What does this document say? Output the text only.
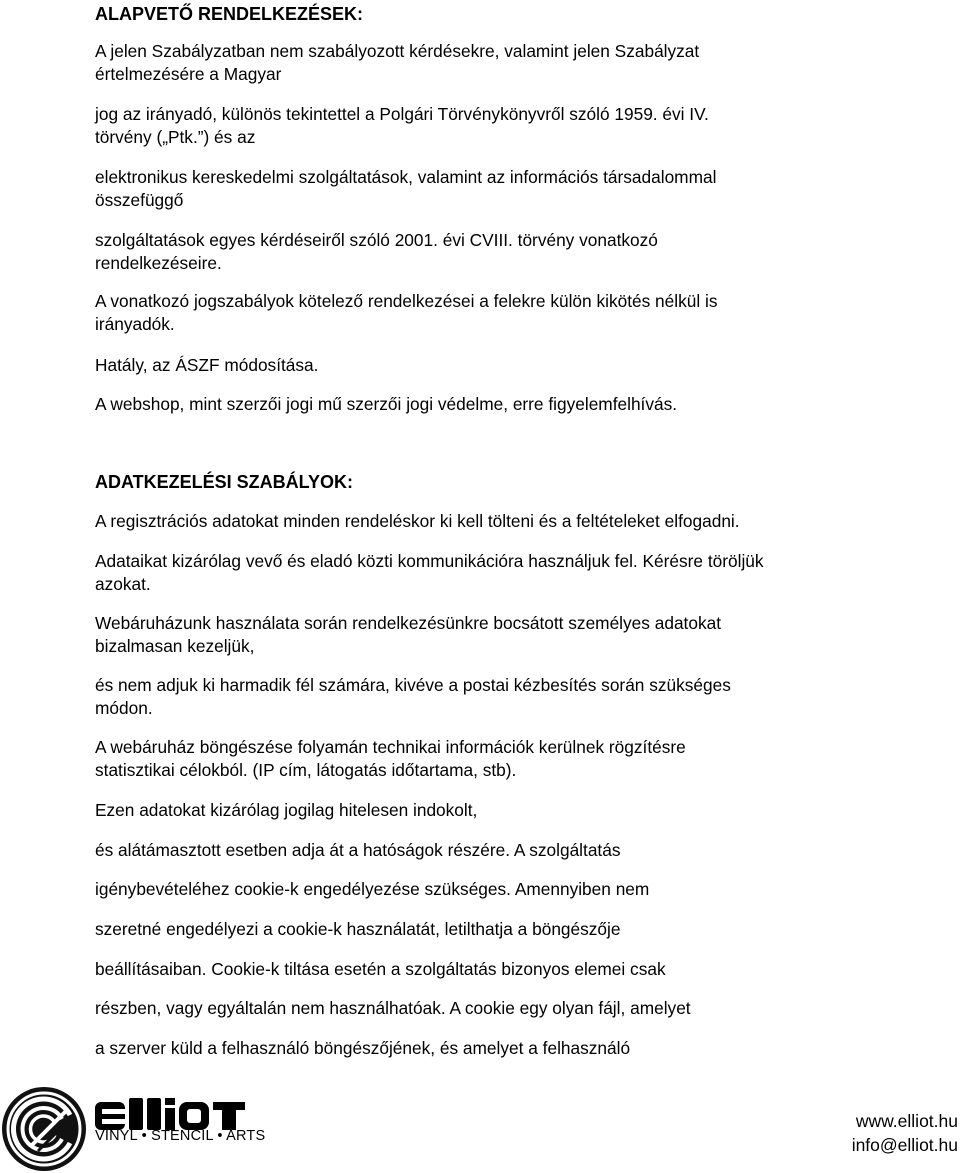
ALAPVETŐ RENDELKEZÉSEK:

A jelen Szabályzatban nem szabályozott kérdésekre, valamint jelen Szabályzat
értelmezésére a Magyar

jog az irányadó, különös tekintettel a Polgári Törvénykönyvről szóló 1959. évi IV.
törvény („Ptk.”) és az

elektronikus kereskedelmi szolgáltatások, valamint az információs társadalommal
összefüggő

szolgáltatások egyes kérdéseiről szóló 2001. évi CVIII. törvény vonatkozó
rendelkezéseire.

A vonatkozó jogszabályok kötelező rendelkezései a felekre külön kikötés nélkül is
irányadók.

Hatály, az ÁSZF módosítása.

A webshop, mint szerzői jogi mű szerzői jogi védelme, erre figyelemfelhívás.

ADATKEZELÉSI SZABÁLYOK:

A regisztrációs adatokat minden rendeléskor ki kell tölteni és a feltételeket elfogadni.

Adataikat kizárólag vevő és eladó közti kommunikációra használjuk fel. Kérésre töröljük
azokat.

Webáruházunk használata során rendelkezésünkre bocsátott személyes adatokat
bizalmasan kezeljük,

és nem adjuk ki harmadik fél számára, kivéve a postai kézbesítés során szükséges
módon.

A webáruház böngészése folyamán technikai információk kerülnek rögzítésre
statisztikai célokból. (IP cím, látogatás időtartama, stb).

Ezen adatokat kizárólag jogilag hitelesen indokolt,

és alátámasztott esetben adja át a hatóságok részére. A szolgáltatás

igénybevételéhez cookie-k engedélyezése szükséges. Amennyiben nem

szeretné engedélyezi a cookie-k használatát, letilthatja a böngészője

beállításaiban. Cookie-k tiltása esetén a szolgáltatás bizonyos elemei csak

részben, vagy egyáltalán nem használhatóak. A cookie egy olyan fájl, amelyet

a szerver küld a felhasználó böngészőjének, és amelyet a felhasználó

VINYL • STENCIL • ARTS
www.elliot.hu
info@elliot.hu
